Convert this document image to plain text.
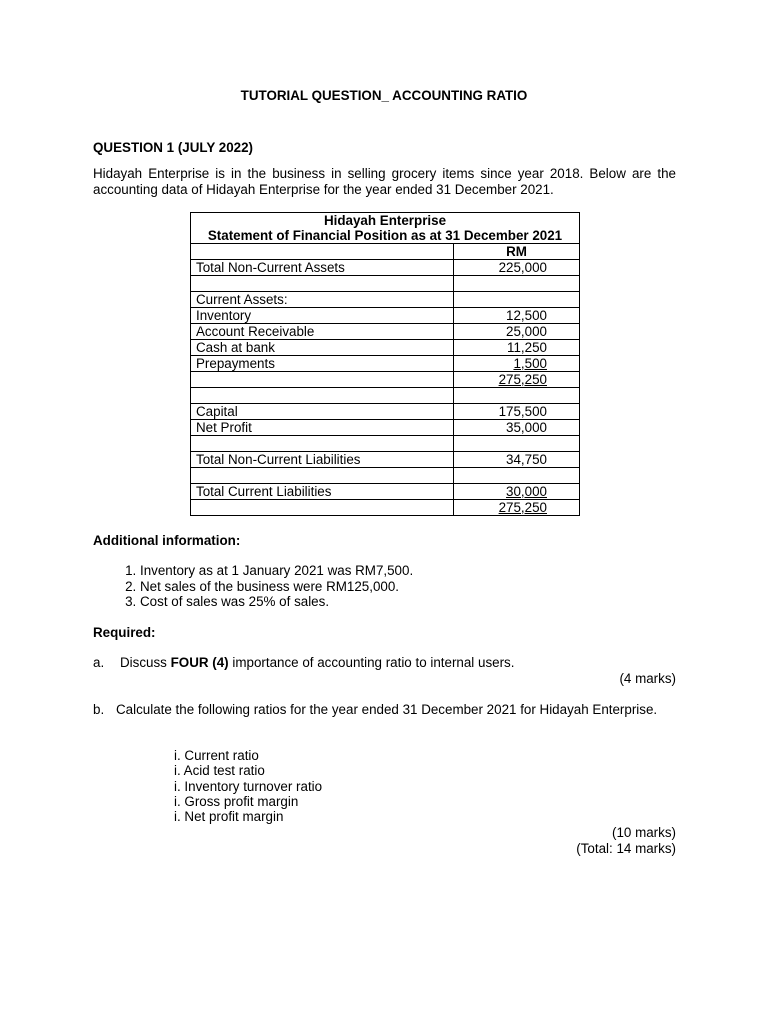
TUTORIAL QUESTION_ ACCOUNTING RATIO
QUESTION 1 (JULY 2022)
Hidayah Enterprise is in the business in selling grocery items since year 2018. Below are the accounting data of Hidayah Enterprise for the year ended 31 December 2021.
Hidayah Enterprise	
Statement of Financial Position as at 31 December 2021	
	RM
Total Non-Current Assets	225,000

Current Assets:	
Inventory	12,500
Account Receivable	25,000
Cash at bank	11,250
Prepayments	1,500
	275,250

Capital	175,500
Net Profit	35,000

Total Non-Current Liabilities	34,750

Total Current Liabilities	30,000
	275,250
Additional information:
1. Inventory as at 1 January 2021 was RM7,500.
2. Net sales of the business were RM125,000.
3. Cost of sales was 25% of sales.
Required:
a. Discuss FOUR (4) importance of accounting ratio to internal users.
(4 marks)
b. Calculate the following ratios for the year ended 31 December 2021 for Hidayah Enterprise.
i. Current ratio
i. Acid test ratio
i. Inventory turnover ratio
i. Gross profit margin
i. Net profit margin
(10 marks)
(Total: 14 marks)
